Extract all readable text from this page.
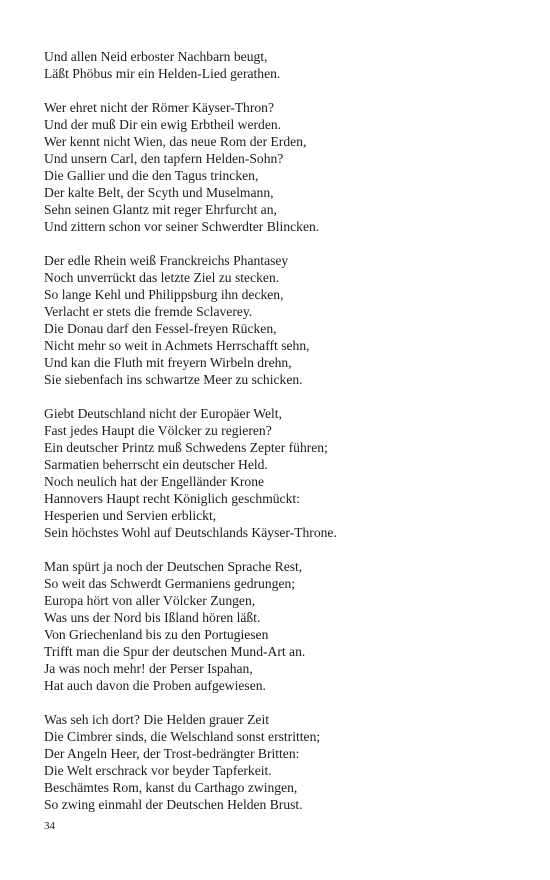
Und allen Neid erboster Nachbarn beugt,
Läßt Phöbus mir ein Helden-Lied gerathen.
Wer ehret nicht der Römer Käyser-Thron?
Und der muß Dir ein ewig Erbtheil werden.
Wer kennt nicht Wien, das neue Rom der Erden,
Und unsern Carl, den tapfern Helden-Sohn?
Die Gallier und die den Tagus trincken,
Der kalte Belt, der Scyth und Muselmann,
Sehn seinen Glantz mit reger Ehrfurcht an,
Und zittern schon vor seiner Schwerdter Blincken.
Der edle Rhein weiß Franckreichs Phantasey
Noch unverrückt das letzte Ziel zu stecken.
So lange Kehl und Philippsburg ihn decken,
Verlacht er stets die fremde Sclaverey.
Die Donau darf den Fessel-freyen Rücken,
Nicht mehr so weit in Achmets Herrschafft sehn,
Und kan die Fluth mit freyern Wirbeln drehn,
Sie siebenfach ins schwartze Meer zu schicken.
Giebt Deutschland nicht der Europäer Welt,
Fast jedes Haupt die Völcker zu regieren?
Ein deutscher Printz muß Schwedens Zepter führen;
Sarmatien beherrscht ein deutscher Held.
Noch neulich hat der Engelländer Krone
Hannovers Haupt recht Königlich geschmückt:
Hesperien und Servien erblickt,
Sein höchstes Wohl auf Deutschlands Käyser-Throne.
Man spürt ja noch der Deutschen Sprache Rest,
So weit das Schwerdt Germaniens gedrungen;
Europa hört von aller Völcker Zungen,
Was uns der Nord bis Ißland hören läßt.
Von Griechenland bis zu den Portugiesen
Trifft man die Spur der deutschen Mund-Art an.
Ja was noch mehr! der Perser Ispahan,
Hat auch davon die Proben aufgewiesen.
Was seh ich dort? Die Helden grauer Zeit
Die Cimbrer sinds, die Welschland sonst erstritten;
Der Angeln Heer, der Trost-bedrängter Britten:
Die Welt erschrack vor beyder Tapferkeit.
Beschämtes Rom, kanst du Carthago zwingen,
So zwing einmahl der Deutschen Helden Brust.
34
